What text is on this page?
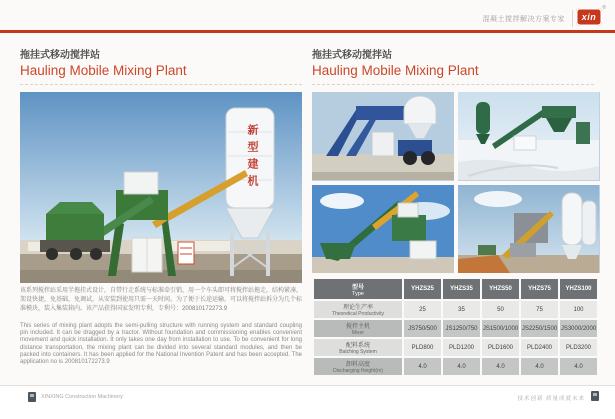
混凝土搅拌解决方案专家 xin
®

拖挂式移动搅拌站

Hauling Mobile Mixing Plant

拖挂式移动搅拌站

Hauling Mobile Mixing Plant

新型建机
该系列搅拌站采用半拖挂式设计，自带行走系统与标准牵引销，用一个车头即可将搅拌站拖走，结构紧凑，架设快捷，免基础，免调试，从安装到使用只需一天时间。为了便于长途运输，可以将搅拌站拆分为几个标准模块，装入集装箱内。该产品获得国家发明专利，专利号：200810172273.9
This series of mixing plant adopts the semi-pulling structure with running system and standard coupling pin included. It can be dragged by a tractor. Without foundation and commissioning enables convenient movement and quick installation. It only takes one day from installation to use. To be convenient for long distance transportation, the mixing plant can be divided into several standard modules, and then be packed into containers. It has been applied for the National Invention Patent and has been accepted. The application no is 200810172273.9
型号
Type	YHZS25	YHZS35	YHZS50	YHZS75	YHZS100

理论生产率
Theoretical Productivity	25	35	50	75	100

搅拌主机
Mixer	JS750/500	JS1250/750	JS1500/1000	JS2250/1500	JS3000/2000

配料系统
Batching System	PLD800	PLD1200	PLD1600	PLD2400	PLD3200

卸料高度
Discharging Height(m)	4.0	4.0	4.0	4.0	4.0
XINXING Construction Machinery	技术创新 质量成就未来
